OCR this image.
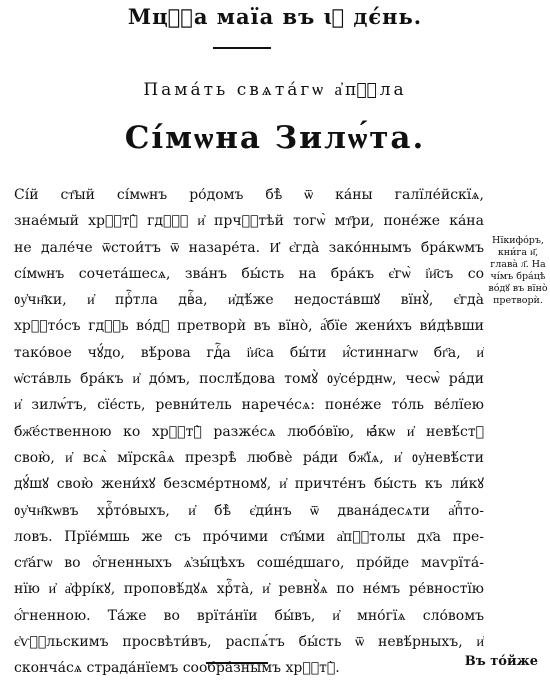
Мцⷭ҇а маїа въ ꙇ҃ дє́нь.
Пама́ть свѧта́гѡ а҆пⷭ҇ла
Сі́мѡна Зилѡ́та.
Сі́й ст҃ый сі́мѡнъ ро́домъ бѣ̀ ѿ ка́ны галїле́йскїѧ,
знае́мый хрⷭ҇тꙋ̀ гдⷭ҇ꙋ и҆ прчⷭ҇тѣй тогѡ̀ мт҃ри, поне́же ка́на
не дале́че ѿстои́тъ ѿ назаре́та. И҆ є҆гда̀ зако́ннымъ бра́кѡмъ
сі́мѡнъ сочета́шесѧ, зва́нъ бы́сть на бра́къ є҆гѡ̀ і҆и҃съ со
ᲂу҆чн҃ки, и҆ прⷭ҇тла двⷭ҇а, и҆дѣ́же недоста́вшꙋ вїнꙋ̀, є҆гда̀
хрⷭ҇то́съ гдⷭ҇ь во́дꙋ претворѝ въ вїно̀, а҆́бїе жени́хъ ви́дѣвши
тако́вое чꙋ́до, вѣ́рова гдⷭ҇а і҆и҃са бы́ти и҆́стиннагѡ бг҃а, и҆
ѡ҆ста́вль бра́къ и҆ до́мъ, послѣ́дова томꙋ̀ ᲂу҆се́рднѡ, чесѡ̀ ра́ди
и҆ зилѡ́тъ, сїе́сть, ревни́тель нарече́сѧ: поне́же то́ль ве́лїею
бж҃е́ственною ко хрⷭ҇тꙋ̀ разже́сѧ любо́вїю, ꙗ҆́кѡ и҆ невѣ́стꙋ
свою̀, и҆ всѧ̀ мїрска̑ѧ презрѣ̀ любвѐ ра́ди бж҃їѧ, и҆ ᲂу҆невѣ́сти
дꙋ́шꙋ свою̀ жени́хꙋ безсме́ртномꙋ, и҆ причте́нъ бы́сть къ ли́кꙋ
ᲂу҆чн҃кѡвъ хрⷭ҇то́выхъ, и҆ бѣ̀ є҆ди́нъ ѿ двана́десѧти а҆пⷭ҇то-
ловъ. Прїе́мшь же съ про́чими ст҃ы́ми а҆пⷭ҇толы дх҃а пре-
ст҃а́гѡ во ѻ҆́гненныхъ ѧ҆зы́цѣхъ соше́дшаго, про́йде маѵрїта́-
нїю и҆ а҆фрі́кꙋ, проповѣ́дꙋѧ хрⷭ҇та̀, и҆ ревнꙋ̀ѧ по не́мъ ре́вностїю
ѻ҆́гненною. Та́же во врїта́нїи бы́въ, и҆ мно́гїѧ сло́вомъ
є҆ѵⷢ҇льскимъ просвѣти́въ, распѧ́тъ бы́сть ѿ невѣ́рныхъ, и҆
сконча́сѧ страда́нїемъ сообра́знымъ хрⷭ҇тꙋ̀.
Нїкифо́ръ, кни́га и҃, глава̀ л҃. На чі́мъ бра́цѣ во́дꙋ въ вїно̀ претворѝ.
Въ то́йже
